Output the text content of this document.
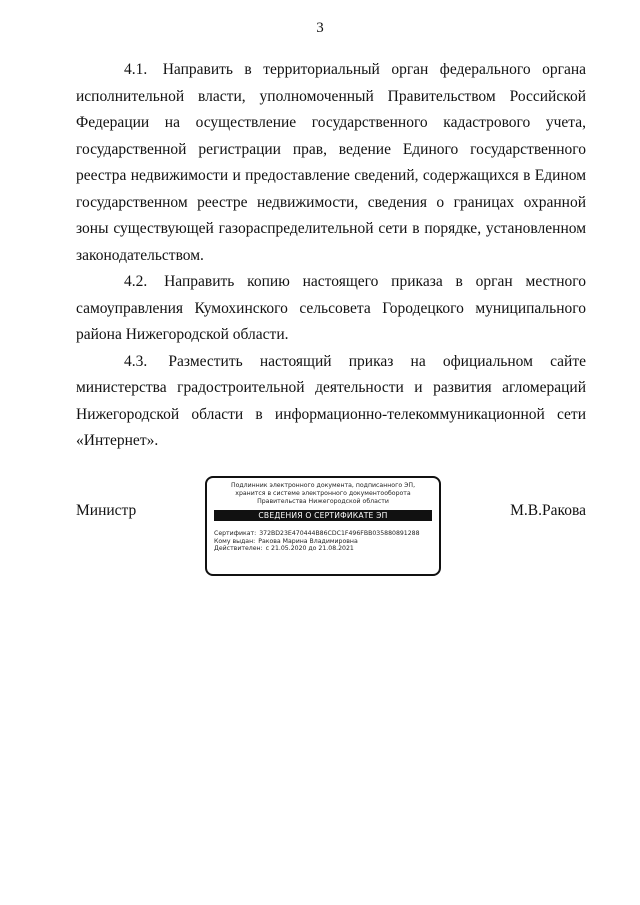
3

4.1. Направить в территориальный орган федерального органа исполнительной власти, уполномоченный Правительством Российской Федерации на осуществление государственного кадастрового учета, государственной регистрации прав, ведение Единого государственного реестра недвижимости и предоставление сведений, содержащихся в Едином государственном реестре недвижимости, сведения о границах охранной зоны существующей газораспределительной сети в порядке, установленном законодательством.

4.2. Направить копию настоящего приказа в орган местного самоуправления Кумохинского сельсовета Городецкого муниципального района Нижегородской области.

4.3. Разместить настоящий приказ на официальном сайте министерства градостроительной деятельности и развития агломераций Нижегородской области в информационно-телекоммуникационной сети «Интернет».

Министр
Подлинник электронного документа, подписанного ЭП,
хранится в системе электронного документооборота
Правительства Нижегородской области
СВЕДЕНИЯ О СЕРТИФИКАТЕ ЭП
Сертификат: 372BD23E470444B86CDC1F496FBB035880891288
Кому выдан: Ракова Марина Владимировна
Действителен: с 21.05.2020 до 21.08.2021
М.В.Ракова
